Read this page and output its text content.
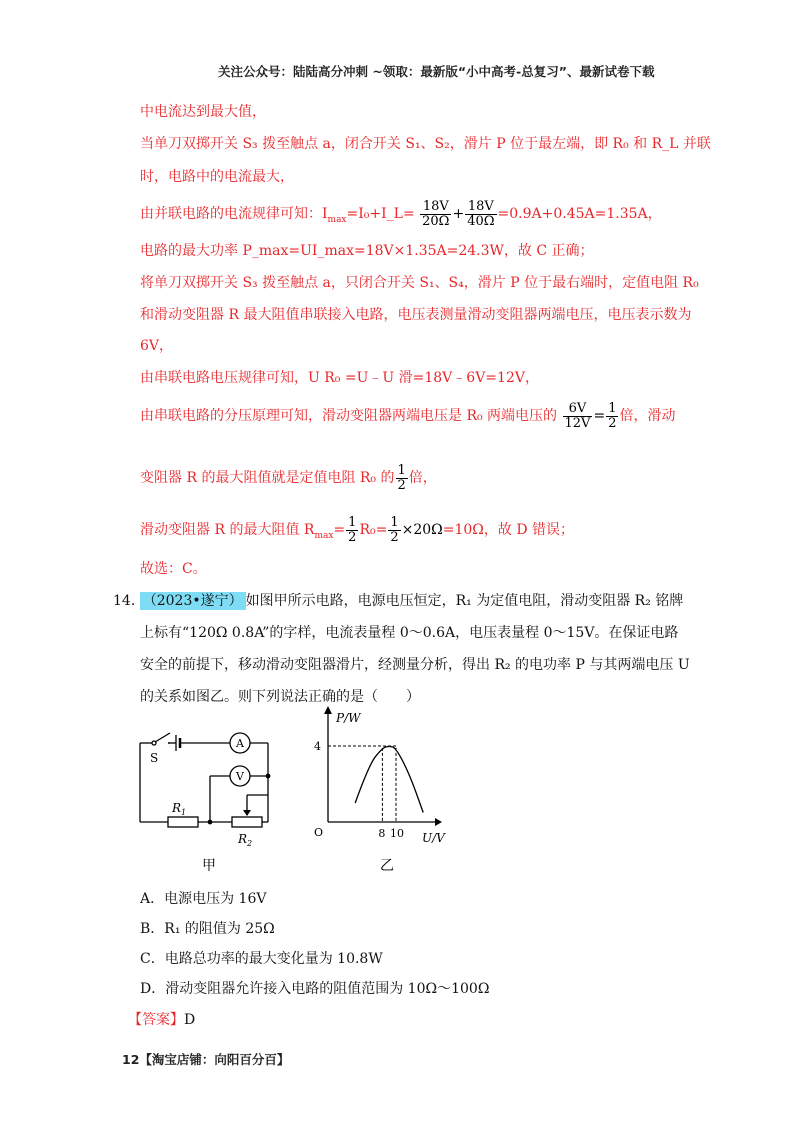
关注公众号：陆陆高分冲刺 ~领取：最新版“小中高考-总复习”、最新试卷下载
中电流达到最大值，
当单刀双掷开关 S₃ 拨至触点 a，闭合开关 S₁、S₂，滑片 P 位于最左端，即 R₀ 和 R_L 并联
时，电路中的电流最大，
由并联电路的电流规律可知：$I_{max}=I_0+I\_L= \frac{18V}{20\Omega} + \frac{18V}{40\Omega} =0.9A+0.45A=1.35A$，
电路的最大功率 P_max=UI_max=18V×1.35A=24.3W，故 C 正确；
将单刀双掷开关 S₃ 拨至触点 a，只闭合开关 S₁、S₄，滑片 P 位于最右端时，定值电阻 R₀
和滑动变阻器 R 最大阻值串联接入电路，电压表测量滑动变阻器两端电压，电压表示数为
6V，
由串联电路电压规律可知，U R₀ =U﹣U 滑=18V﹣6V=12V，
由串联电路的分压原理可知，滑动变阻器两端电压是 R₀ 两端电压的 $\frac{6V}{12V} = \frac{1}{2}$ 倍，滑动
变阻器 R 的最大阻值就是定值电阻 R₀ 的 $\frac{1}{2}$ 倍，
滑动变阻器 R 的最大阻值 $R_{max}= \frac{1}{2} R_0= \frac{1}{2} \times 20\Omega=10\Omega$，故 D 错误；
故选：C。
14. （2023•遂宁） 如图甲所示电路，电源电压恒定，R₁ 为定值电阻，滑动变阻器 R₂ 铭牌
上标有“120Ω 0.8A”的字样，电流表量程 0～0.6A，电压表量程 0～15V。在保证电路
安全的前提下，移动滑动变阻器滑片，经测量分析，得出 R₂ 的电功率 P 与其两端电压 U
的关系如图乙。则下列说法正确的是（　　）
S
A
V
$R_1$
$R_2$
甲
P/W
U/V
O
4
8 10
乙
A．电源电压为 16V
B．R₁ 的阻值为 25Ω
C．电路总功率的最大变化量为 10.8W
D．滑动变阻器允许接入电路的阻值范围为 10Ω～100Ω
【答案】D
12【淘宝店铺：向阳百分百】
